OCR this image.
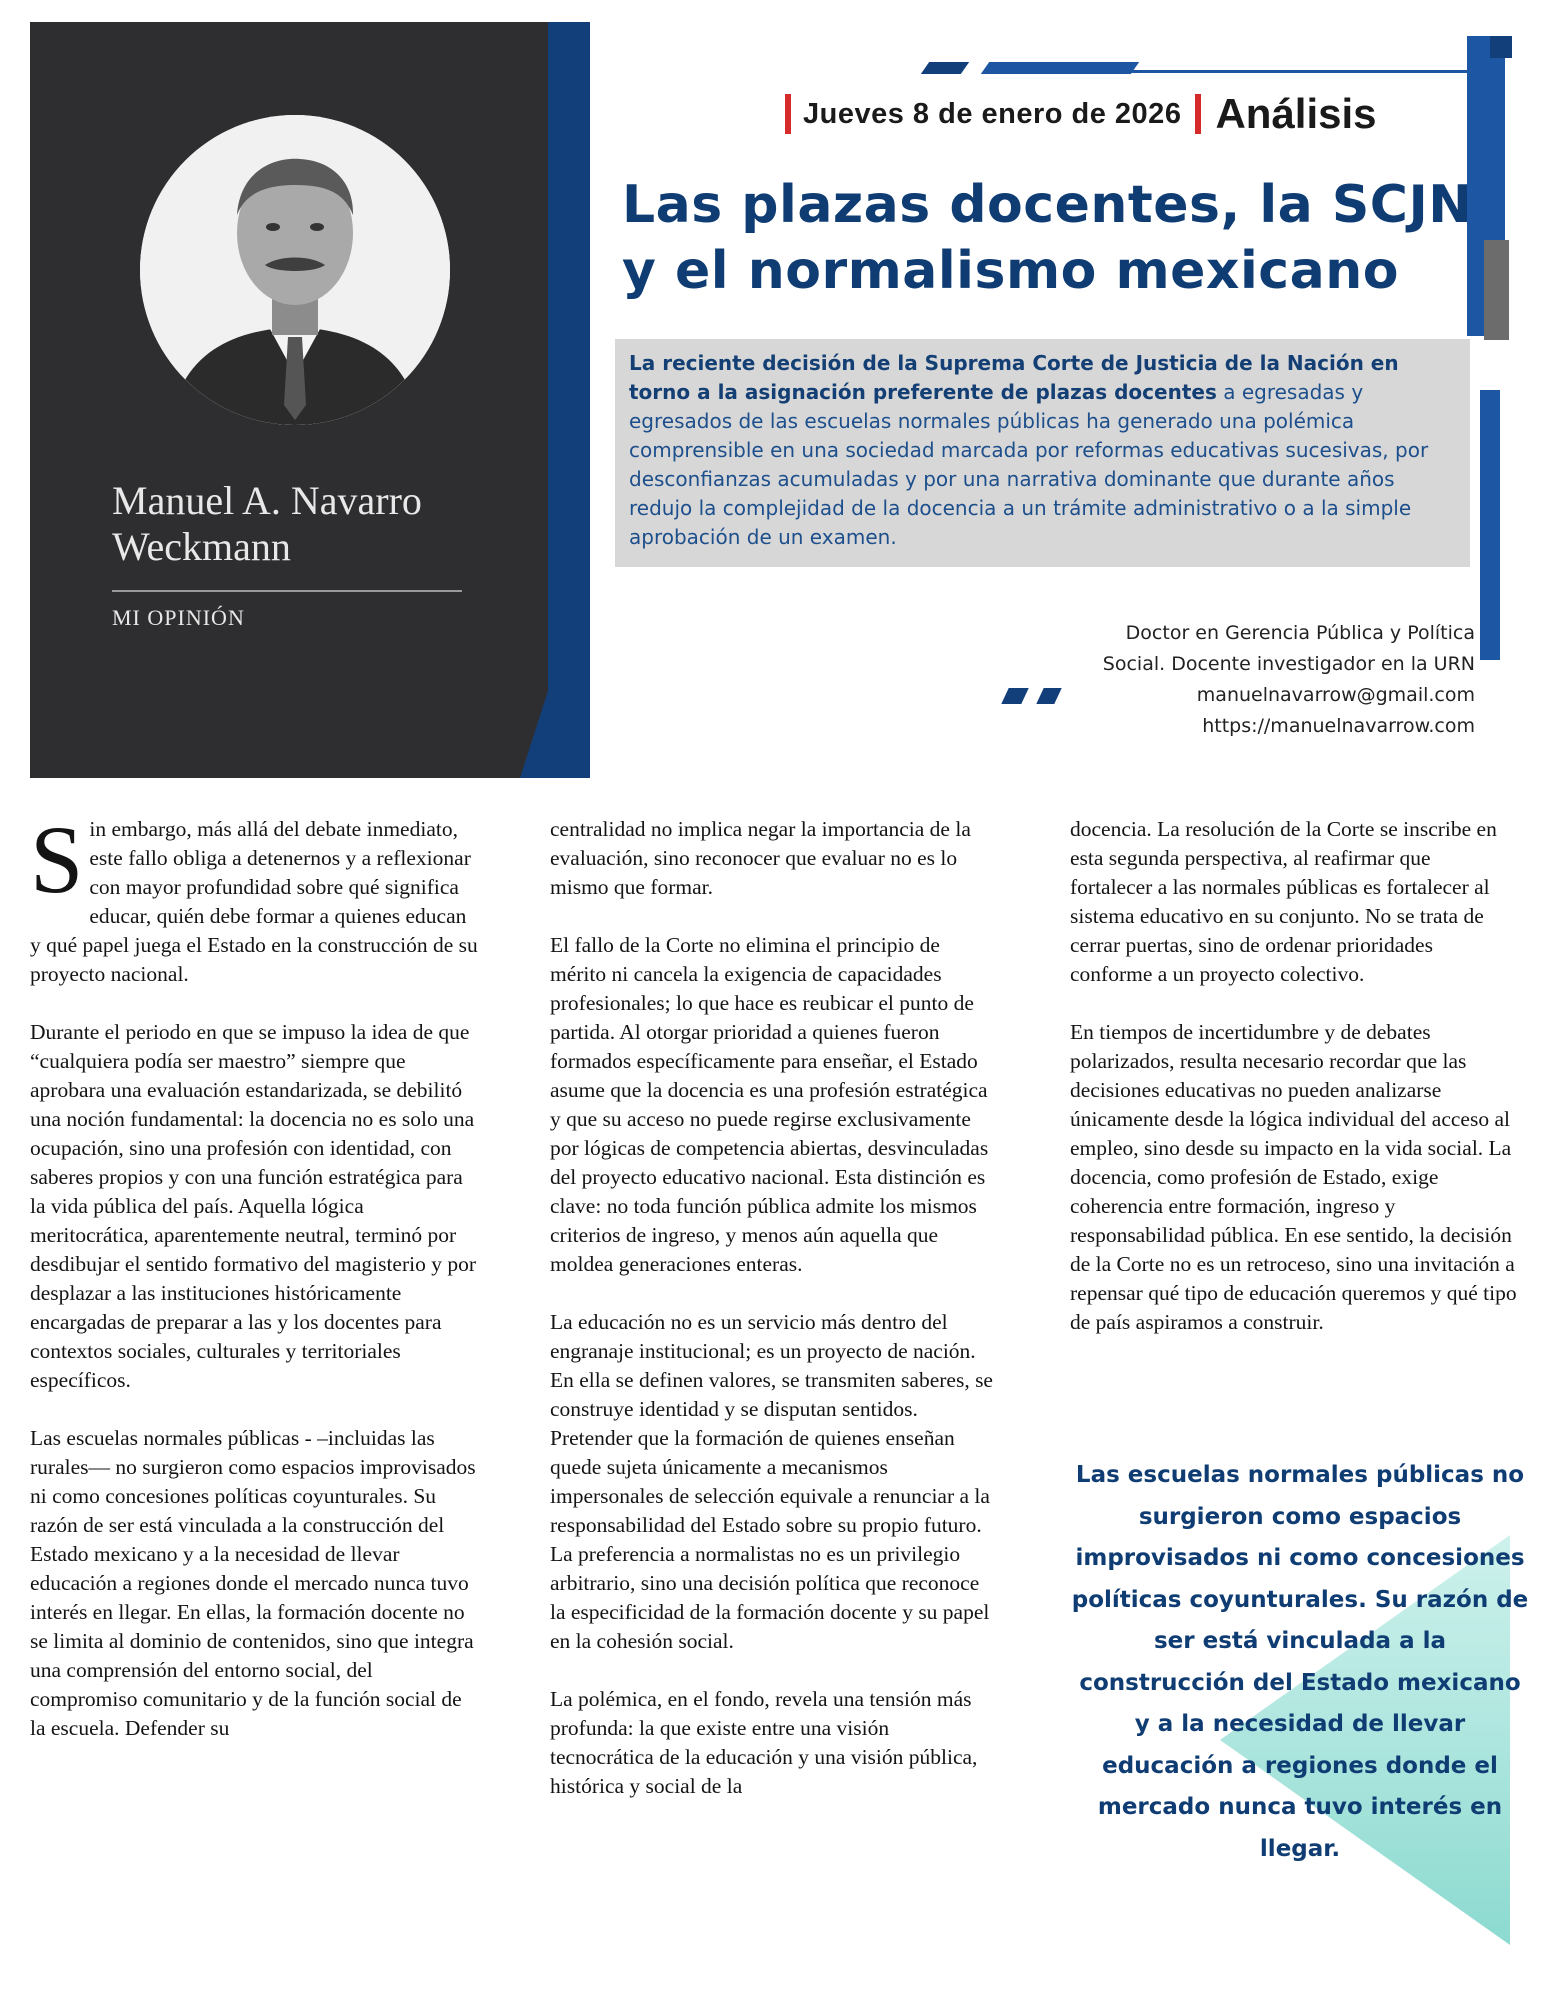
Manuel A. Navarro Weckmann
MI OPINIÓN
Jueves 8 de enero de 2026 Análisis
Las plazas docentes, la SCJN y el normalismo mexicano
La reciente decisión de la Suprema Corte de Justicia de la Nación en torno a la asignación preferente de plazas docentes a egresadas y egresados de las escuelas normales públicas ha generado una polémica comprensible en una sociedad marcada por reformas educativas sucesivas, por desconfianzas acumuladas y por una narrativa dominante que durante años redujo la complejidad de la docencia a un trámite administrativo o a la simple aprobación de un examen.
Doctor en Gerencia Pública y Política
Social. Docente investigador en la URN
manuelnavarrow@gmail.com
https://manuelnavarrow.com

Sin embargo, más allá del debate inmediato, este fallo obliga a detenernos y a reflexionar con mayor profundidad sobre qué significa educar, quién debe formar a quienes educan y qué papel juega el Estado en la construcción de su proyecto nacional.

Durante el periodo en que se impuso la idea de que “cualquiera podía ser maestro” siempre que aprobara una evaluación estandarizada, se debilitó una noción fundamental: la docencia no es solo una ocupación, sino una profesión con identidad, con saberes propios y con una función estratégica para la vida pública del país. Aquella lógica meritocrática, aparentemente neutral, terminó por desdibujar el sentido formativo del magisterio y por desplazar a las instituciones históricamente encargadas de preparar a las y los docentes para contextos sociales, culturales y territoriales específicos.

Las escuelas normales públicas - –incluidas las rurales— no surgieron como espacios improvisados ni como concesiones políticas coyunturales. Su razón de ser está vinculada a la construcción del Estado mexicano y a la necesidad de llevar educación a regiones donde el mercado nunca tuvo interés en llegar. En ellas, la formación docente no se limita al dominio de contenidos, sino que integra una comprensión del entorno social, del compromiso comunitario y de la función social de la escuela. Defender su

centralidad no implica negar la importancia de la evaluación, sino reconocer que evaluar no es lo mismo que formar.

El fallo de la Corte no elimina el principio de mérito ni cancela la exigencia de capacidades profesionales; lo que hace es reubicar el punto de partida. Al otorgar prioridad a quienes fueron formados específicamente para enseñar, el Estado asume que la docencia es una profesión estratégica y que su acceso no puede regirse exclusivamente por lógicas de competencia abiertas, desvinculadas del proyecto educativo nacional. Esta distinción es clave: no toda función pública admite los mismos criterios de ingreso, y menos aún aquella que moldea generaciones enteras.

La educación no es un servicio más dentro del engranaje institucional; es un proyecto de nación. En ella se definen valores, se transmiten saberes, se construye identidad y se disputan sentidos. Pretender que la formación de quienes enseñan quede sujeta únicamente a mecanismos impersonales de selección equivale a renunciar a la responsabilidad del Estado sobre su propio futuro. La preferencia a normalistas no es un privilegio arbitrario, sino una decisión política que reconoce la especificidad de la formación docente y su papel en la cohesión social.

La polémica, en el fondo, revela una tensión más profunda: la que existe entre una visión tecnocrática de la educación y una visión pública, histórica y social de la

docencia. La resolución de la Corte se inscribe en esta segunda perspectiva, al reafirmar que fortalecer a las normales públicas es fortalecer al sistema educativo en su conjunto. No se trata de cerrar puertas, sino de ordenar prioridades conforme a un proyecto colectivo.

En tiempos de incertidumbre y de debates polarizados, resulta necesario recordar que las decisiones educativas no pueden analizarse únicamente desde la lógica individual del acceso al empleo, sino desde su impacto en la vida social. La docencia, como profesión de Estado, exige coherencia entre formación, ingreso y responsabilidad pública. En ese sentido, la decisión de la Corte no es un retroceso, sino una invitación a repensar qué tipo de educación queremos y qué tipo de país aspiramos a construir.

Las escuelas normales públicas no surgieron como espacios improvisados ni como concesiones políticas coyunturales. Su razón de ser está vinculada a la construcción del Estado mexicano y a la necesidad de llevar educación a regiones donde el mercado nunca tuvo interés en llegar.
